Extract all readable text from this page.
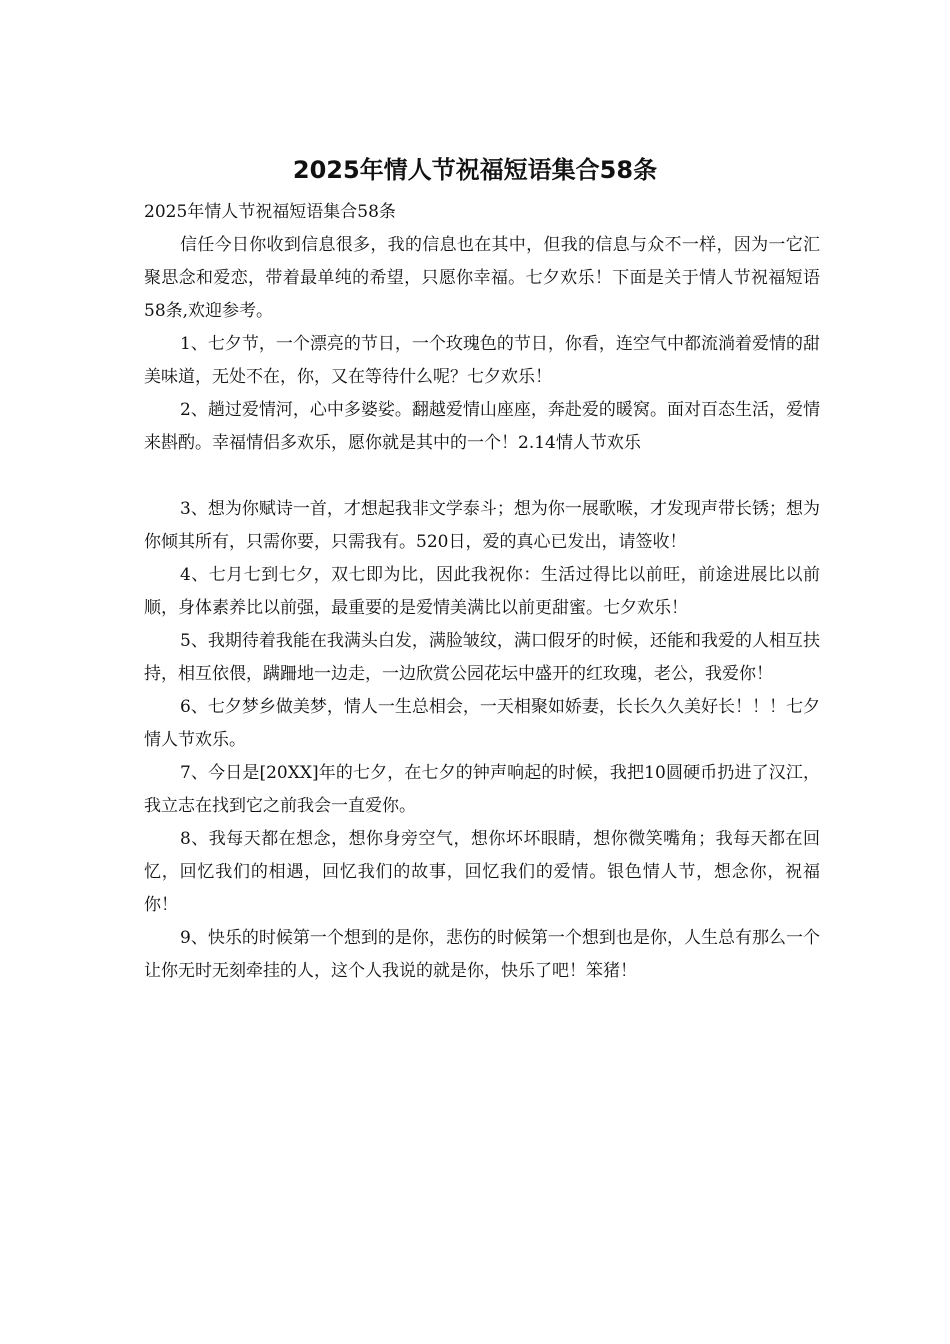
2025年情人节祝福短语集合58条

2025年情人节祝福短语集合58条

信任今日你收到信息很多，我的信息也在其中，但我的信息与众不一样，因为一它汇聚思念和爱恋，带着最单纯的希望，只愿你幸福。七夕欢乐！下面是关于情人节祝福短语58条,欢迎参考。

1、七夕节，一个漂亮的节日，一个玫瑰色的节日，你看，连空气中都流淌着爱情的甜美味道，无处不在，你，又在等待什么呢？七夕欢乐！

2、趟过爱情河，心中多婆娑。翻越爱情山座座，奔赴爱的暖窝。面对百态生活，爱情来斟酌。幸福情侣多欢乐，愿你就是其中的一个！2.14情人节欢乐

3、想为你赋诗一首，才想起我非文学泰斗；想为你一展歌喉，才发现声带长锈；想为你倾其所有，只需你要，只需我有。520日，爱的真心已发出，请签收！

4、七月七到七夕，双七即为比，因此我祝你：生活过得比以前旺，前途进展比以前顺，身体素养比以前强，最重要的是爱情美满比以前更甜蜜。七夕欢乐！

5、我期待着我能在我满头白发，满脸皱纹，满口假牙的时候，还能和我爱的人相互扶持，相互依偎，蹒跚地一边走，一边欣赏公园花坛中盛开的红玫瑰，老公，我爱你！

6、七夕梦乡做美梦，情人一生总相会，一天相聚如娇妻，长长久久美好长！！！七夕情人节欢乐。

7、今日是[20XX]年的七夕，在七夕的钟声响起的时候，我把10圆硬币扔进了汉江，我立志在找到它之前我会一直爱你。

8、我每天都在想念，想你身旁空气，想你坏坏眼睛，想你微笑嘴角；我每天都在回忆，回忆我们的相遇，回忆我们的故事，回忆我们的爱情。银色情人节，想念你，祝福你！

9、快乐的时候第一个想到的是你，悲伤的时候第一个想到也是你，人生总有那么一个让你无时无刻牵挂的人，这个人我说的就是你，快乐了吧！笨猪！
